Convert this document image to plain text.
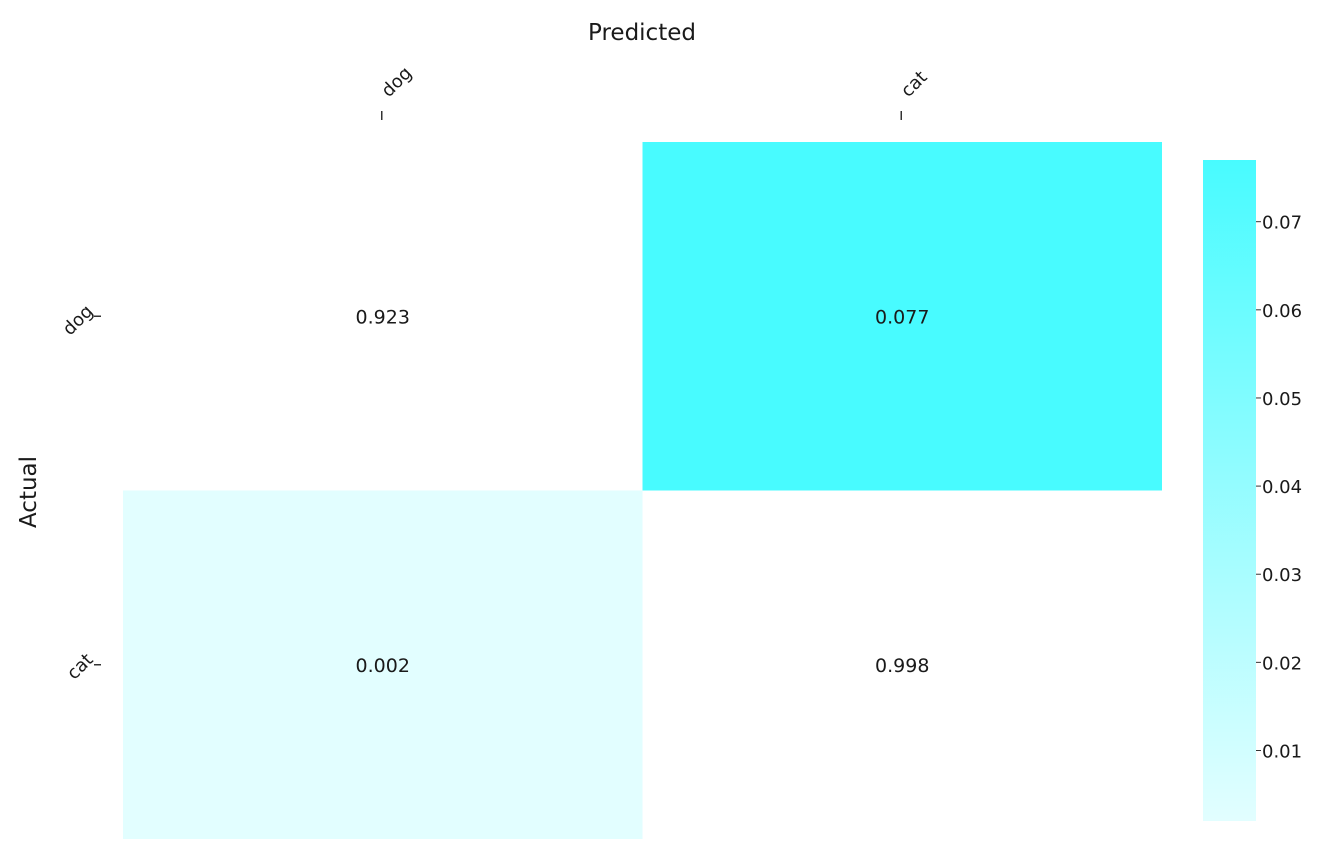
Predicted
Actual
0.923	0.077
0.002	0.998
dog	cat
dog
cat
0.01
0.02
0.03
0.04
0.05
0.06
0.07
